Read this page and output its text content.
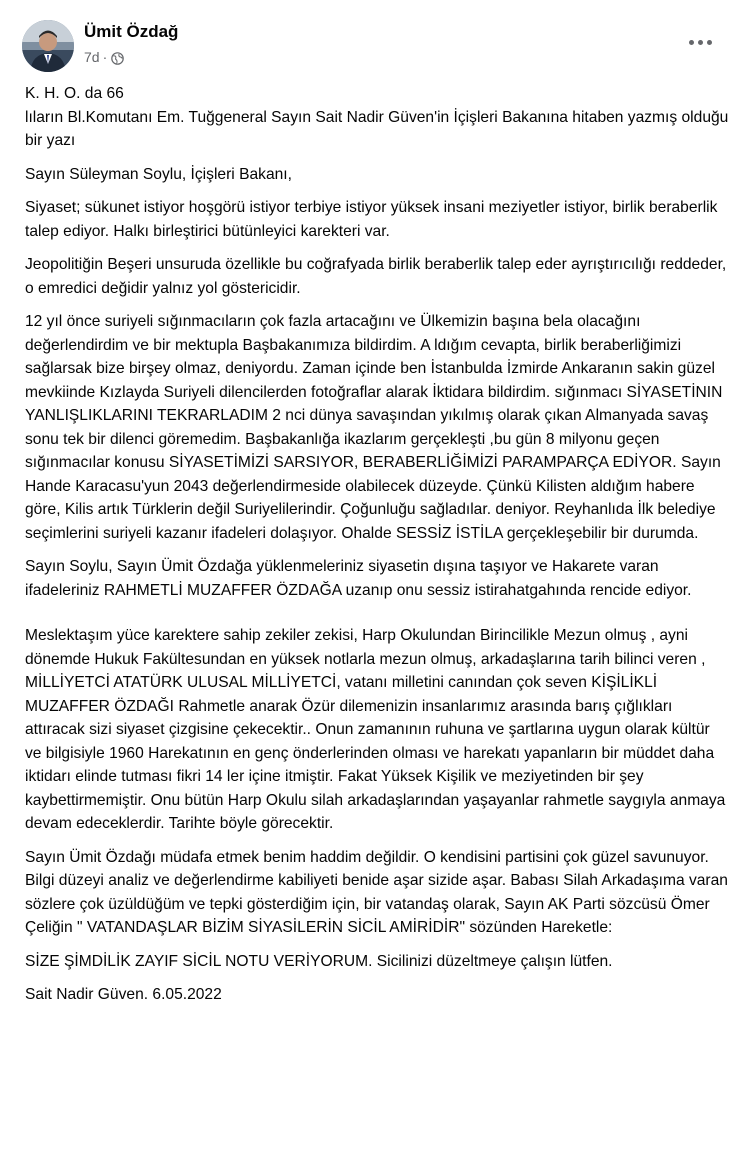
Ümit Özdağ
7d ·

K. H. O. da 66
lıların Bl.Komutanı Em. Tuğgeneral Sayın Sait Nadir Güven'in İçişleri Bakanına hitaben yazmış olduğu bir yazı

Sayın Süleyman Soylu, İçişleri Bakanı,

Siyaset; sükunet istiyor hoşgörü istiyor terbiye istiyor yüksek insani meziyetler istiyor, birlik beraberlik talep ediyor. Halkı birleştirici bütünleyici karekteri var.

Jeopolitiğin Beşeri unsuruda özellikle bu coğrafyada birlik beraberlik talep eder ayrıştırıcılığı reddeder, o emredici değidir yalnız yol göstericidir.

12 yıl önce suriyeli sığınmacıların çok fazla artacağını ve Ülkemizin başına bela olacağını değerlendirdim ve bir mektupla Başbakanımıza bildirdim. A ldığım cevapta, birlik beraberliğimizi sağlarsak bize birşey olmaz, deniyordu. Zaman içinde ben İstanbulda İzmirde Ankaranın sakin güzel mevkiinde Kızlayda Suriyeli dilencilerden fotoğraflar alarak İktidara bildirdim. sığınmacı SİYASETİNIN YANLIŞLIKLARINI TEKRARLADIM 2 nci dünya savaşından yıkılmış olarak çıkan Almanyada savaş sonu tek bir dilenci göremedim. Başbakanlığa ikazlarım gerçekleşti ,bu gün 8 milyonu geçen sığınmacılar konusu SİYASETİMİZİ SARSIYOR, BERABERLİĞİMİZİ PARAMPARÇA EDİYOR. Sayın Hande Karacasu'yun 2043 değerlendirmeside olabilecek düzeyde. Çünkü Kilisten aldığım habere göre, Kilis artık Türklerin değil Suriyelilerindir. Çoğunluğu sağladılar. deniyor. Reyhanlıda İlk belediye seçimlerini suriyeli kazanır ifadeleri dolaşıyor. Ohalde SESSİZ İSTİLA gerçekleşebilir bir durumda.

Sayın Soylu, Sayın Ümit Özdağa yüklenmeleriniz siyasetin dışına taşıyor ve Hakarete varan ifadeleriniz RAHMETLİ MUZAFFER ÖZDAĞA uzanıp onu sessiz istirahatgahında rencide ediyor.

Meslektaşım yüce karektere sahip zekiler zekisi, Harp Okulundan Birincilikle Mezun olmuş , ayni dönemde Hukuk Fakültesundan en yüksek notlarla mezun olmuş, arkadaşlarına tarih bilinci veren , MİLLİYETCİ ATATÜRK ULUSAL MİLLİYETCİ, vatanı milletini canından çok seven KİŞİLİKLİ MUZAFFER ÖZDAĞI Rahmetle anarak Özür dilemenizin insanlarımız arasında barış çığlıkları attıracak sizi siyaset çizgisine çekecektir.. Onun zamanının ruhuna ve şartlarına uygun olarak kültür ve bilgisiyle 1960 Harekatının en genç önderlerinden olması ve harekatı yapanların bir müddet daha iktidarı elinde tutması fikri 14 ler içine itmiştir. Fakat Yüksek Kişilik ve meziyetinden bir şey kaybettirmemiştir. Onu bütün Harp Okulu silah arkadaşlarından yaşayanlar rahmetle saygıyla anmaya devam edeceklerdir. Tarihte böyle görecektir.

Sayın Ümit Özdağı müdafa etmek benim haddim değildir. O kendisini partisini çok güzel savunuyor. Bilgi düzeyi analiz ve değerlendirme kabiliyeti benide aşar sizide aşar. Babası Silah Arkadaşıma varan sözlere çok üzüldüğüm ve tepki gösterdiğim için, bir vatandaş olarak, Sayın AK Parti sözcüsü Ömer Çeliğin " VATANDAŞLAR BİZİM SİYASİLERİN SİCİL AMİRİDİR" sözünden Hareketle:

SİZE ŞİMDİLİK ZAYIF SİCİL NOTU VERİYORUM. Sicilinizi düzeltmeye çalışın lütfen.

Sait Nadir Güven. 6.05.2022
